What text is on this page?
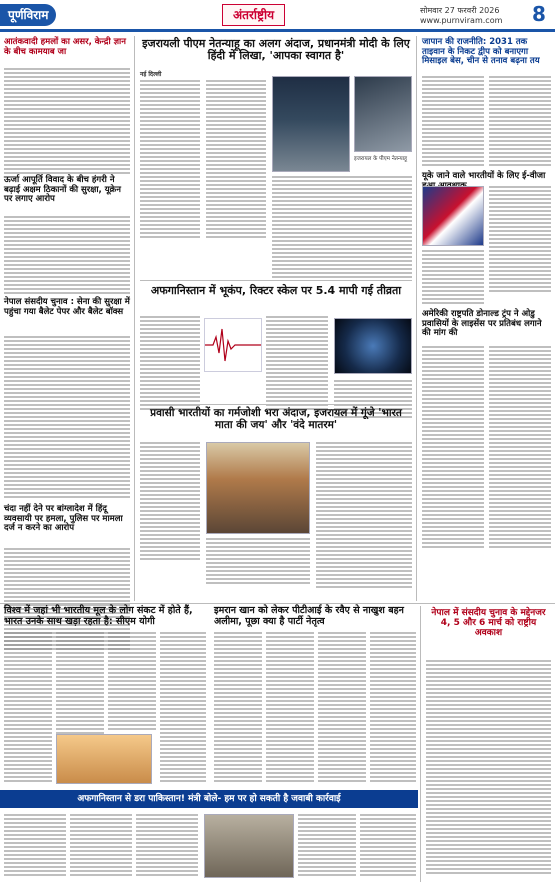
पूर्णविराम	अंतर्राष्ट्रीय	सोमवार 27 फरवरी 2026
www.purnviram.com 8
आतंकवादी हमलों का असर, केन्द्री ज्ञान के बीच कामयाब जा
ऊर्जा आपूर्ति विवाद के बीच हंगरी ने बढ़ाई अक्षम ठिकानों की सुरक्षा, यूक्रेन पर लगाए आरोप
नेपाल संसदीय चुनाव : सेना की सुरक्षा में पहुंचा गया बैलेट पेपर और बैलेट बॉक्स
चंदा नहीं देने पर बांग्लादेश में हिंदू व्यवसायी पर हमला, पुलिस पर मामला दर्ज न करने का आरोप
इजरायली पीएम नेतन्याहू का अलग अंदाज, प्रधानमंत्री मोदी के लिए हिंदी में लिखा, 'आपका स्वागत है'
नई दिल्ली
इजरायल के पीएम नेतन्याहू
अफगानिस्तान में भूकंप, रिक्टर स्केल पर 5.4 मापी गई तीव्रता
प्रवासी भारतीयों का गर्मजोशी भरा अंदाज, इजरायल में गूंजे 'भारत माता की जय' और 'वंदे मातरम'
जापान की राजनीति: 2031 तक ताइवान के निकट द्वीप को बनाएगा मिसाइल बेस, चीन से तनाव बढ़ना तय
यूके जाने वाले भारतीयों के लिए ई-वीजा
अमेरिकी राष्ट्रपति डोनाल्ड ट्रंप ने ओडु प्रवासियों के लाइसेंस पर प्रतिबंध लगाने की मांग की
विश्व में जहां भी भारतीय मूल के लोग संकट में होते हैं, भारत उनके साथ खड़ा रहता है: सीएम योगी
इमरान खान को लेकर पीटीआई के रवैए से नाखुश बहन अलीमा, पूछा क्या है पार्टी नेतृत्व
नेपाल में संसदीय चुनाव के मद्देनजर 4, 5 और 6 मार्च को राष्ट्रीय अवकाश
अफगानिस्तान से डरा पाकिस्तान! मंत्री बोले- हम पर हो सकती है जवाबी कार्रवाई
